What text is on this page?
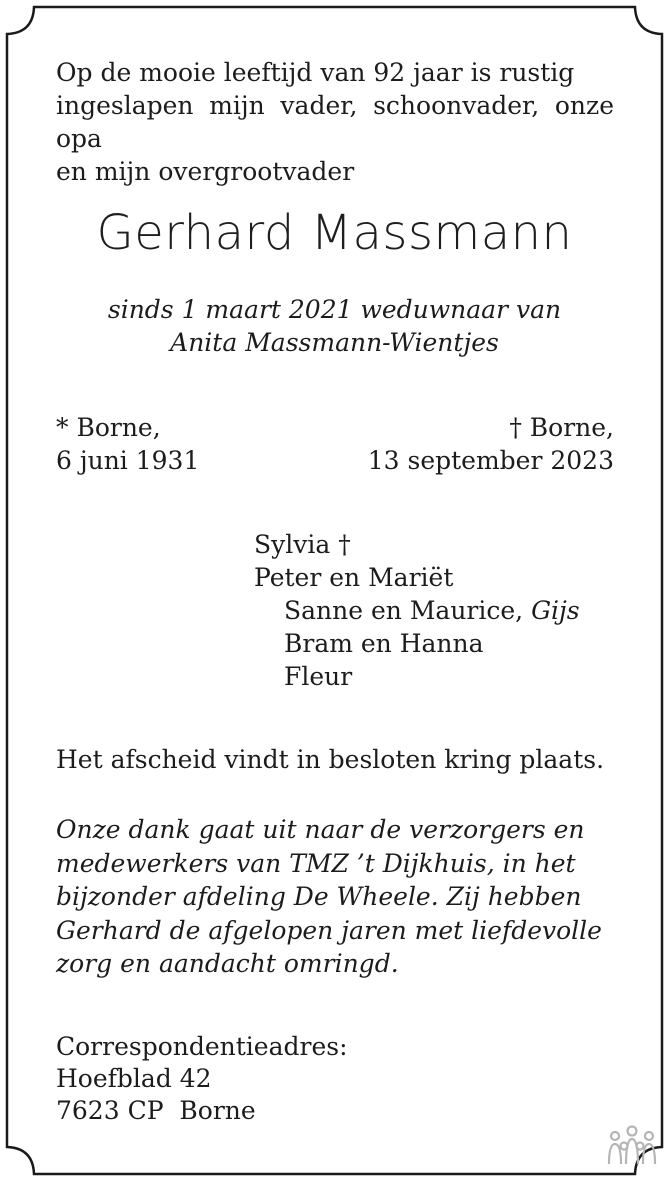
Op de mooie leeftijd van 92 jaar is rustig

ingeslapen mijn vader, schoonvader, onze opa

en mijn overgrootvader

Gerhard Massmann
sinds 1 maart 2021 weduwnaar van
Anita Massmann-Wientjes
* Borne,
6 juni 1931
† Borne,
13 september 2023
Sylvia †
Peter en Mariët
Sanne en Maurice, Gijs
Bram en Hanna
Fleur
Het afscheid vindt in besloten kring plaats.
Onze dank gaat uit naar de verzorgers en
medewerkers van TMZ ’t Dijkhuis, in het
bijzonder afdeling De Wheele. Zij hebben
Gerhard de afgelopen jaren met liefdevolle
zorg en aandacht omringd.
Correspondentieadres:
Hoefblad 42
7623 CP  Borne
